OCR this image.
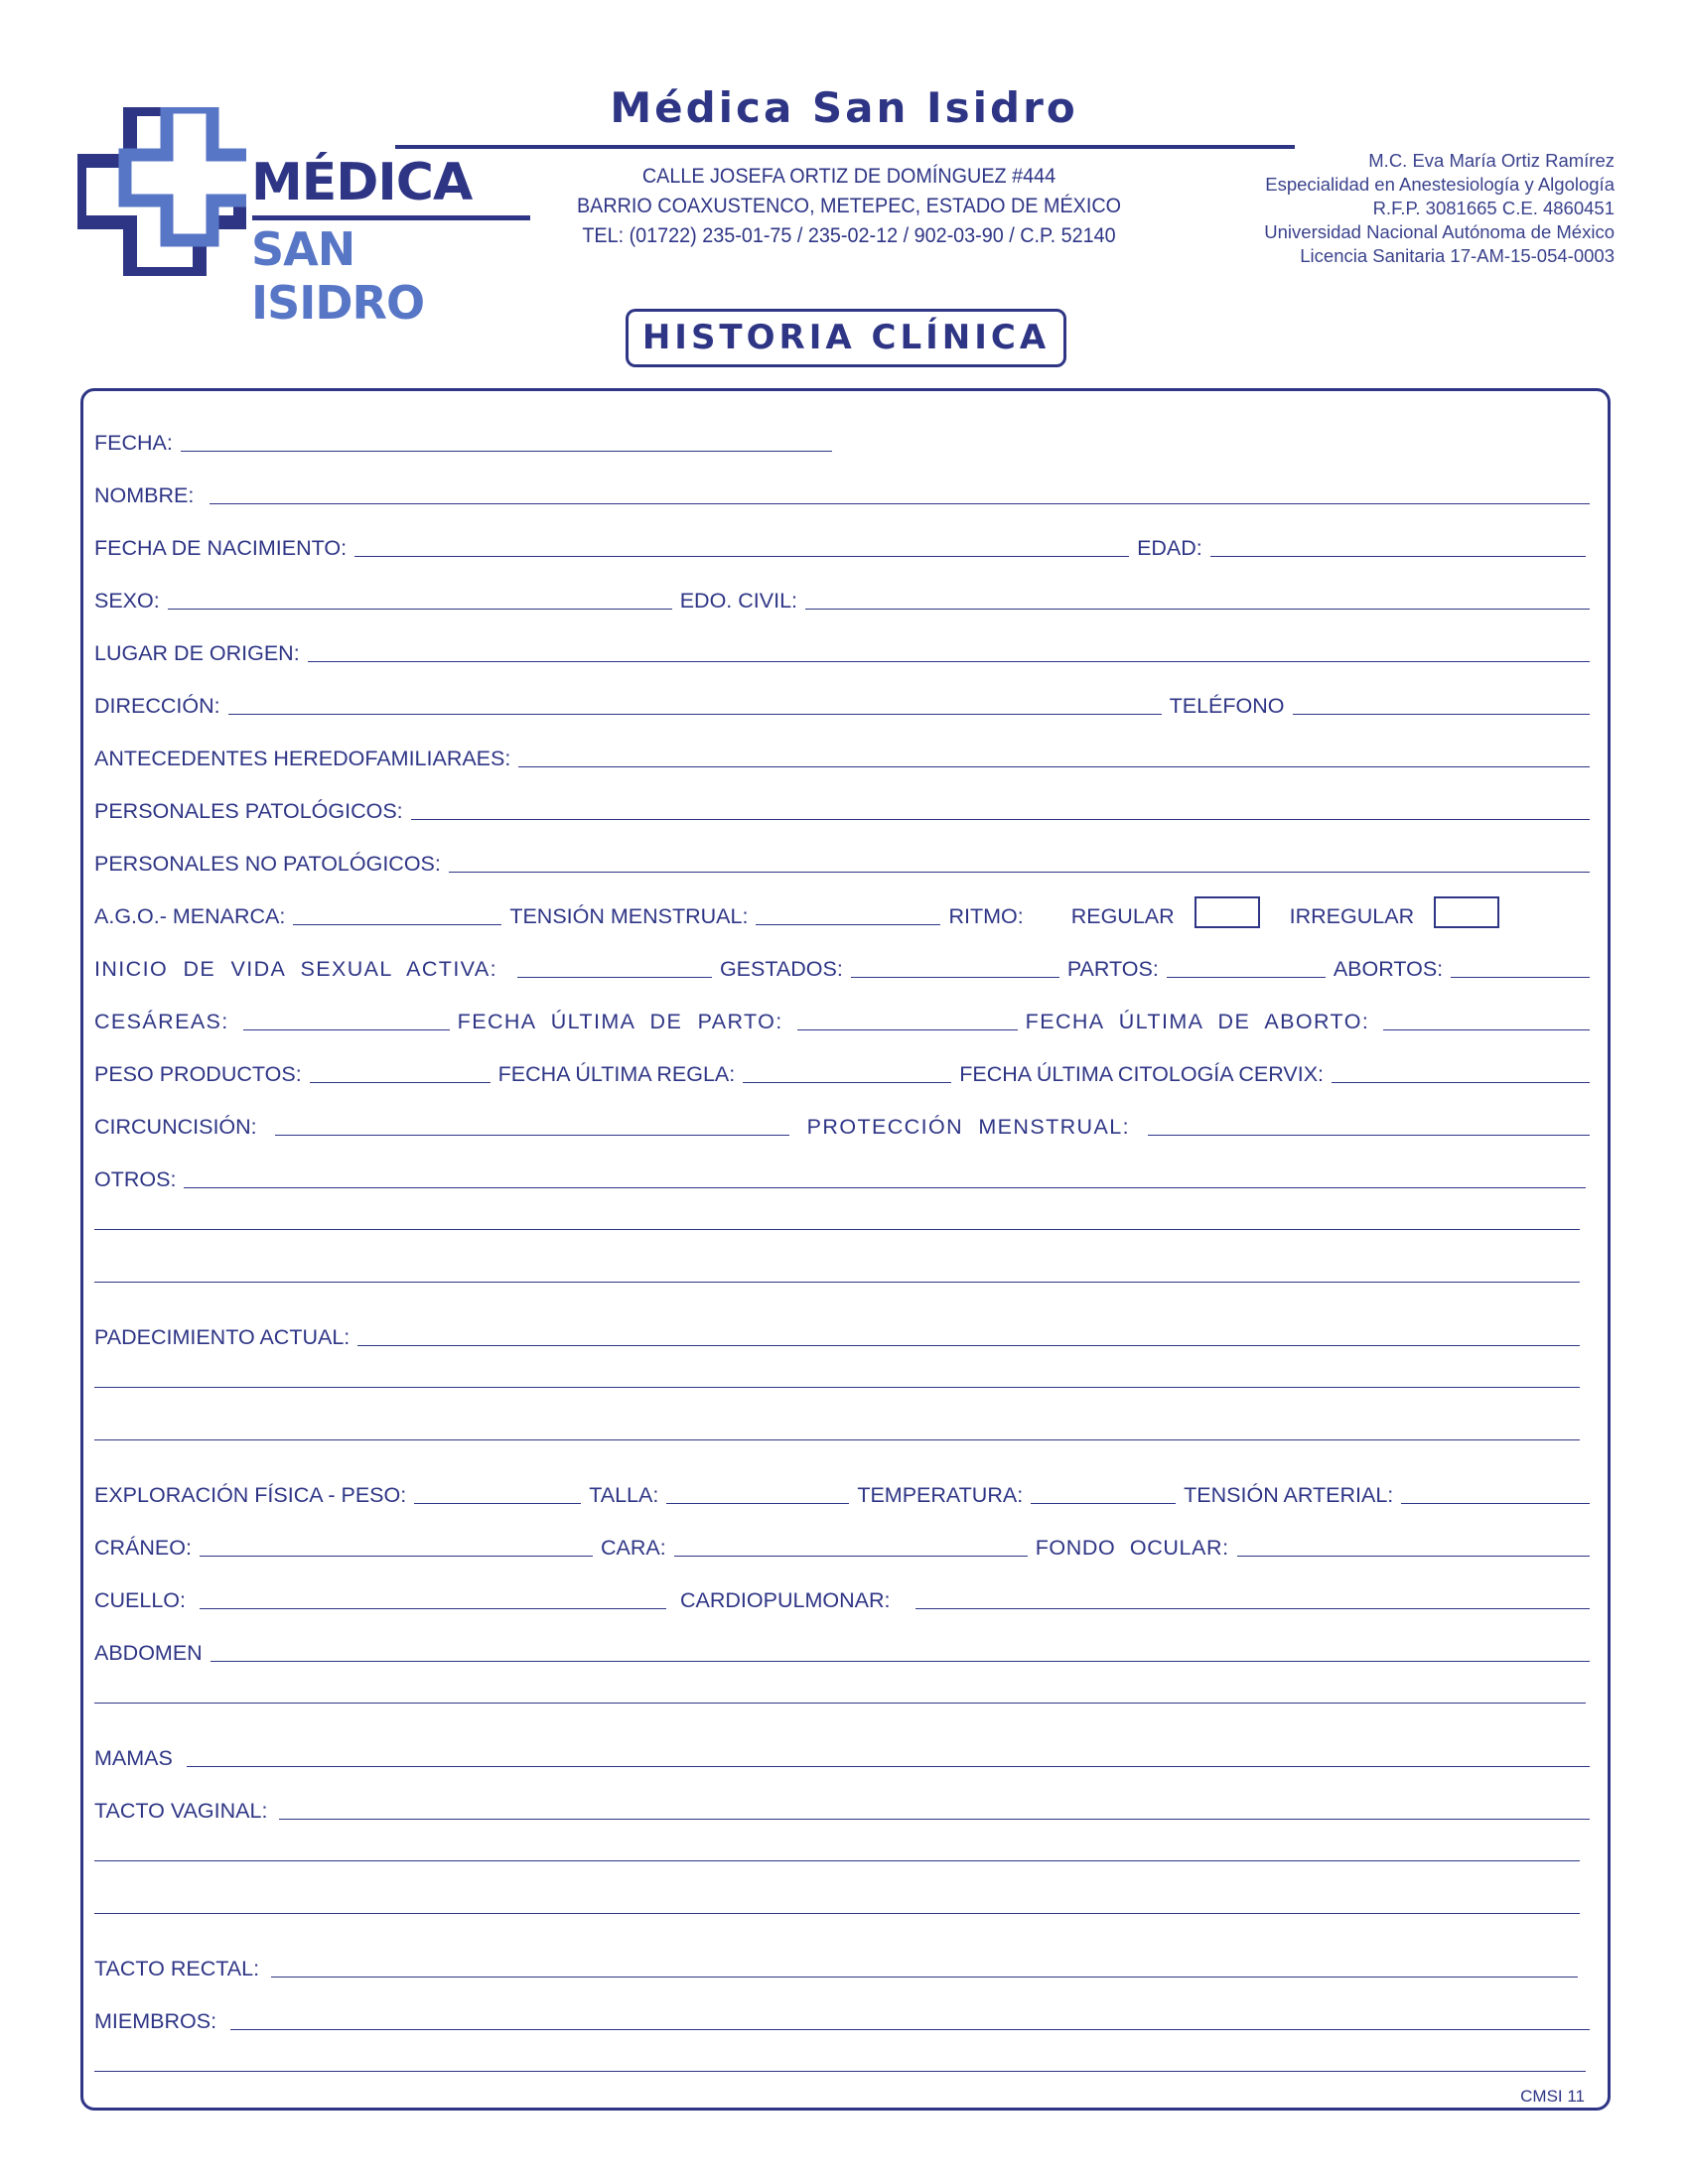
MÉDICA
SAN ISIDRO
Médica San Isidro
CALLE JOSEFA ORTIZ DE DOMÍNGUEZ #444
BARRIO COAXUSTENCO, METEPEC, ESTADO DE MÉXICO
TEL: (01722) 235-01-75 / 235-02-12 / 902-03-90 / C.P. 52140
M.C. Eva María Ortiz Ramírez
Especialidad en Anestesiología y Algología
R.F.P. 3081665 C.E. 4860451
Universidad Nacional Autónoma de México
Licencia Sanitaria 17-AM-15-054-0003
HISTORIA CLÍNICA
FECHA:
NOMBRE:
FECHA DE NACIMIENTO:	EDAD:
SEXO:	EDO. CIVIL:
LUGAR DE ORIGEN:
DIRECCIÓN:	TELÉFONO
ANTECEDENTES HEREDOFAMILIARAES:
PERSONALES PATOLÓGICOS:
PERSONALES NO PATOLÓGICOS:
A.G.O.- MENARCA:	TENSIÓN MENSTRUAL:	RITMO: REGULAR	IRREGULAR
INICIO DE VIDA SEXUAL ACTIVA:	GESTADOS:	PARTOS:	ABORTOS:
CESÁREAS:	FECHA ÚLTIMA DE PARTO:	FECHA ÚLTIMA DE ABORTO:
PESO PRODUCTOS:	FECHA ÚLTIMA REGLA:	FECHA ÚLTIMA CITOLOGÍA CERVIX:
CIRCUNCISIÓN:	PROTECCIÓN MENSTRUAL:
OTROS:
PADECIMIENTO ACTUAL:
EXPLORACIÓN FÍSICA - PESO:	TALLA:	TEMPERATURA:	TENSIÓN ARTERIAL:
CRÁNEO:	CARA:	FONDO OCULAR:
CUELLO:	CARDIOPULMONAR:
ABDOMEN
MAMAS
TACTO VAGINAL:
TACTO RECTAL:
MIEMBROS:
CMSI 11
